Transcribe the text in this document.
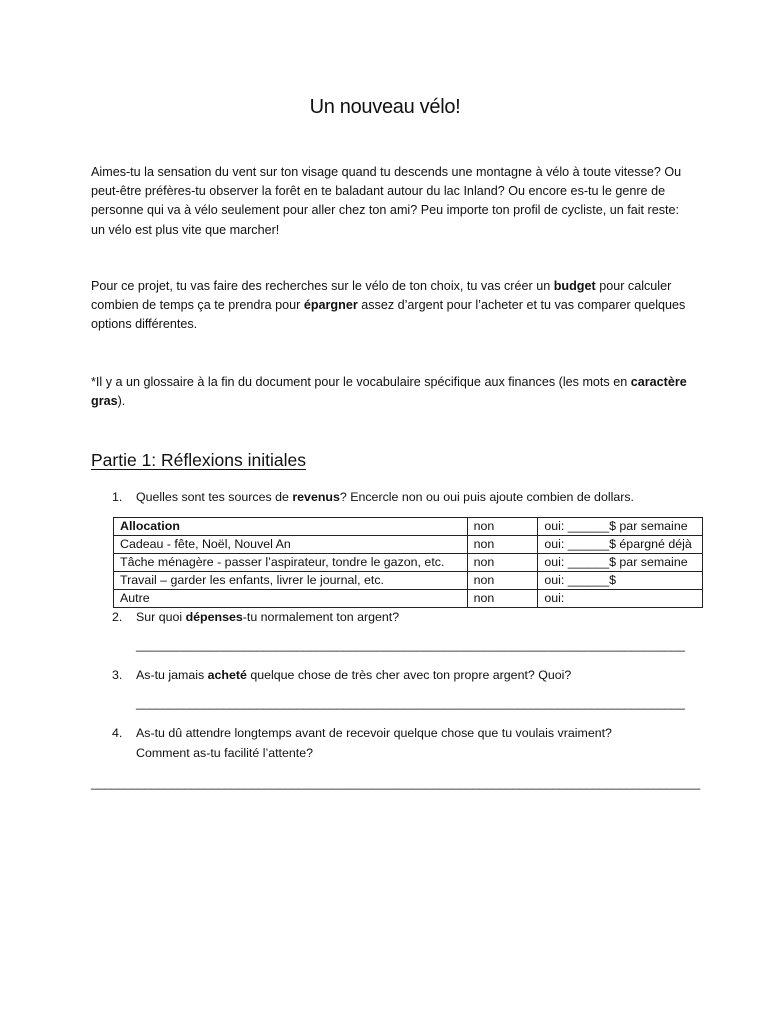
Un nouveau vélo!
Aimes-tu la sensation du vent sur ton visage quand tu descends une montagne à vélo à toute vitesse? Ou peut-être préfères-tu observer la forêt en te baladant autour du lac Inland? Ou encore es-tu le genre de personne qui va à vélo seulement pour aller chez ton ami? Peu importe ton profil de cycliste, un fait reste: un vélo est plus vite que marcher!
Pour ce projet, tu vas faire des recherches sur le vélo de ton choix, tu vas créer un budget pour calculer combien de temps ça te prendra pour épargner assez d’argent pour l’acheter et tu vas comparer quelques options différentes.
*Il y a un glossaire à la fin du document pour le vocabulaire spécifique aux finances (les mots en caractère gras).
Partie 1: Réflexions initiales
1. Quelles sont tes sources de revenus? Encercle non ou oui puis ajoute combien de dollars.
Allocation	non	oui: ______$ par semaine
Cadeau - fête, Noël, Nouvel An	non	oui: ______$ épargné déjà
Tâche ménagère - passer l’aspirateur, tondre le gazon, etc.	non	oui: ______$ par semaine
Travail – garder les enfants, livrer le journal, etc.	non	oui: ______$
Autre	non	oui:
2. Sur quoi dépenses-tu normalement ton argent?
__________________________________________________________________________________
3. As-tu jamais acheté quelque chose de très cher avec ton propre argent? Quoi?
__________________________________________________________________________________
4. As-tu dû attendre longtemps avant de recevoir quelque chose que tu voulais vraiment?
Comment as-tu facilité l’attente?
___________________________________________________________________________________________
